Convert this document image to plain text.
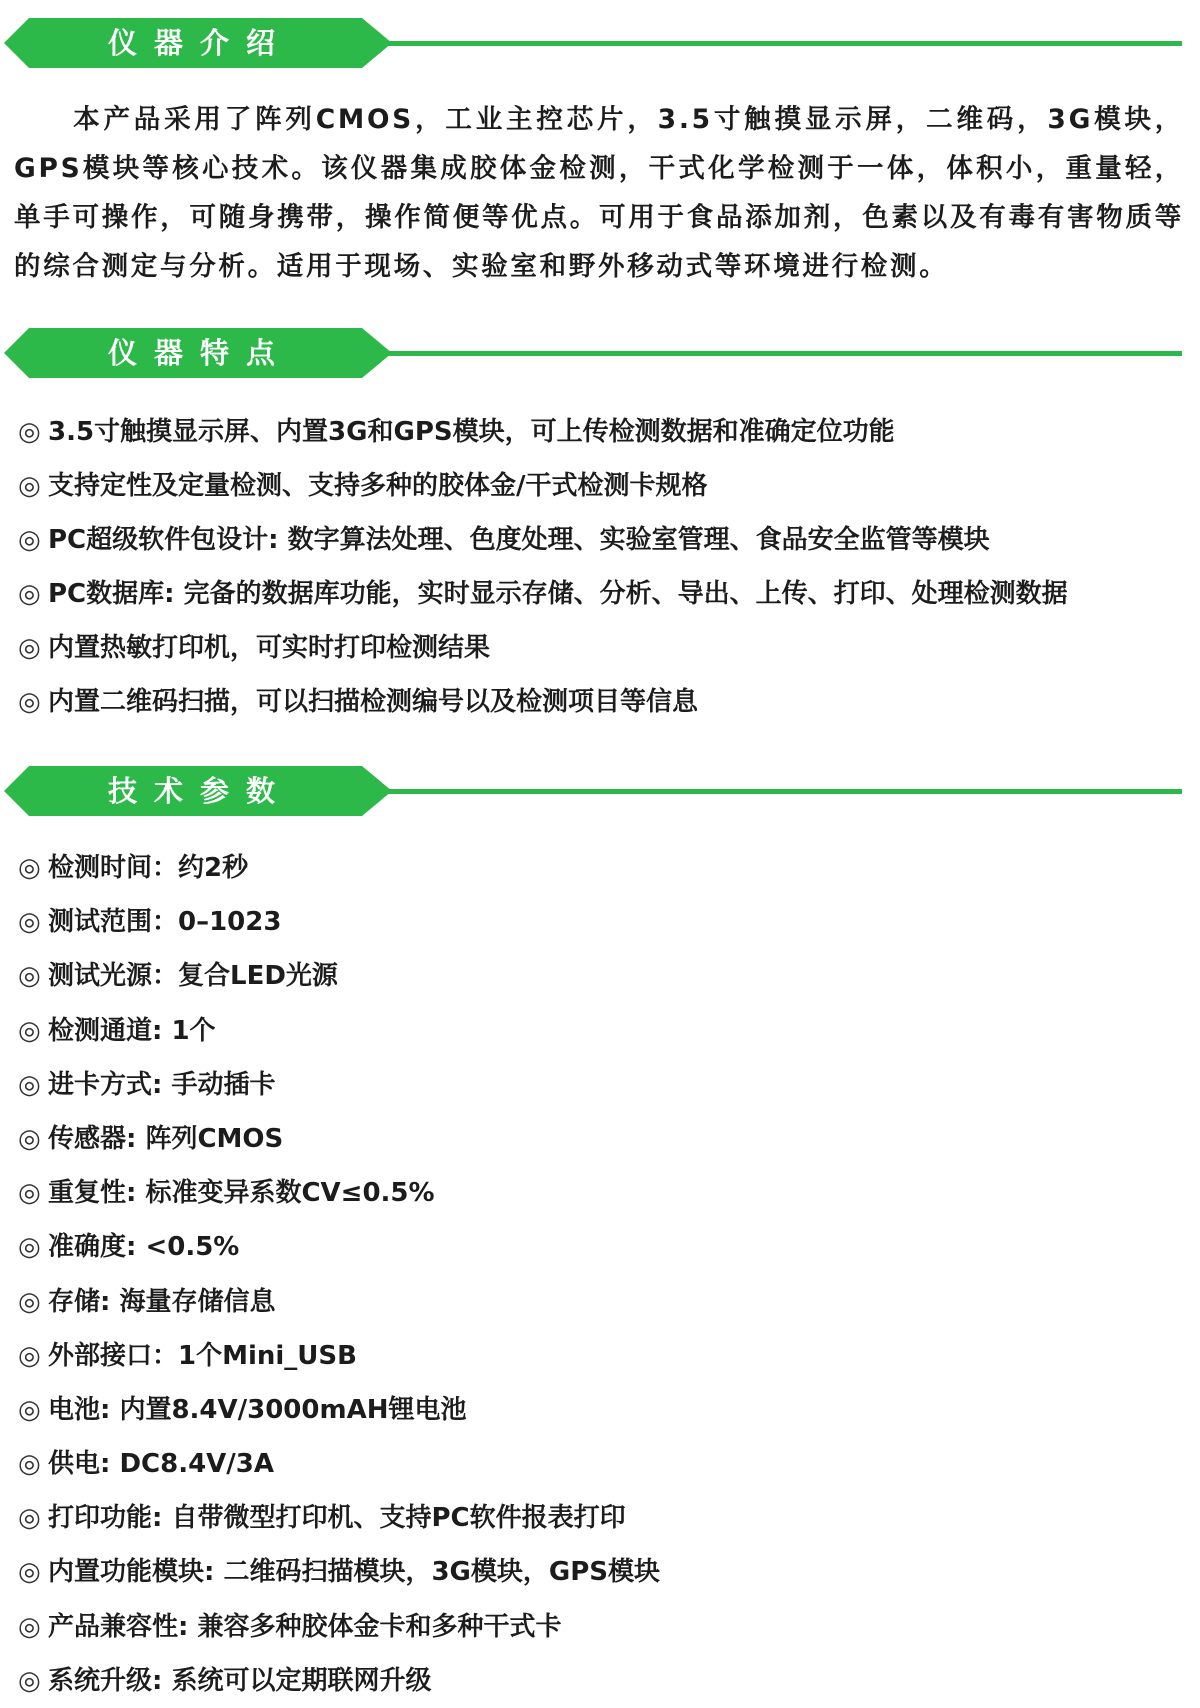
仪器介绍

本产品采用了阵列CMOS，工业主控芯片，3.5寸触摸显示屏，二维码，3G模块，GPS模块等核心技术。该仪器集成胶体金检测，干式化学检测于一体，体积小，重量轻，单手可操作，可随身携带，操作简便等优点。可用于食品添加剂，色素以及有毒有害物质等的综合测定与分析。适用于现场、实验室和野外移动式等环境进行检测。

仪器特点
◎ 3.5寸触摸显示屏、内置3G和GPS模块，可上传检测数据和准确定位功能
◎ 支持定性及定量检测、支持多种的胶体金/干式检测卡规格
◎ PC超级软件包设计: 数字算法处理、色度处理、实验室管理、食品安全监管等模块
◎ PC数据库: 完备的数据库功能，实时显示存储、分析、导出、上传、打印、处理检测数据
◎ 内置热敏打印机，可实时打印检测结果
◎ 内置二维码扫描，可以扫描检测编号以及检测项目等信息
技术参数
◎ 检测时间：约2秒
◎ 测试范围：0–1023
◎ 测试光源：复合LED光源
◎ 检测通道: 1个
◎ 进卡方式: 手动插卡
◎ 传感器: 阵列CMOS
◎ 重复性: 标准变异系数CV≤0.5%
◎ 准确度: <0.5%
◎ 存储: 海量存储信息
◎ 外部接口：1个Mini_USB
◎ 电池: 内置8.4V/3000mAH锂电池
◎ 供电: DC8.4V/3A
◎ 打印功能: 自带微型打印机、支持PC软件报表打印
◎ 内置功能模块: 二维码扫描模块，3G模块，GPS模块
◎ 产品兼容性: 兼容多种胶体金卡和多种干式卡
◎ 系统升级: 系统可以定期联网升级
